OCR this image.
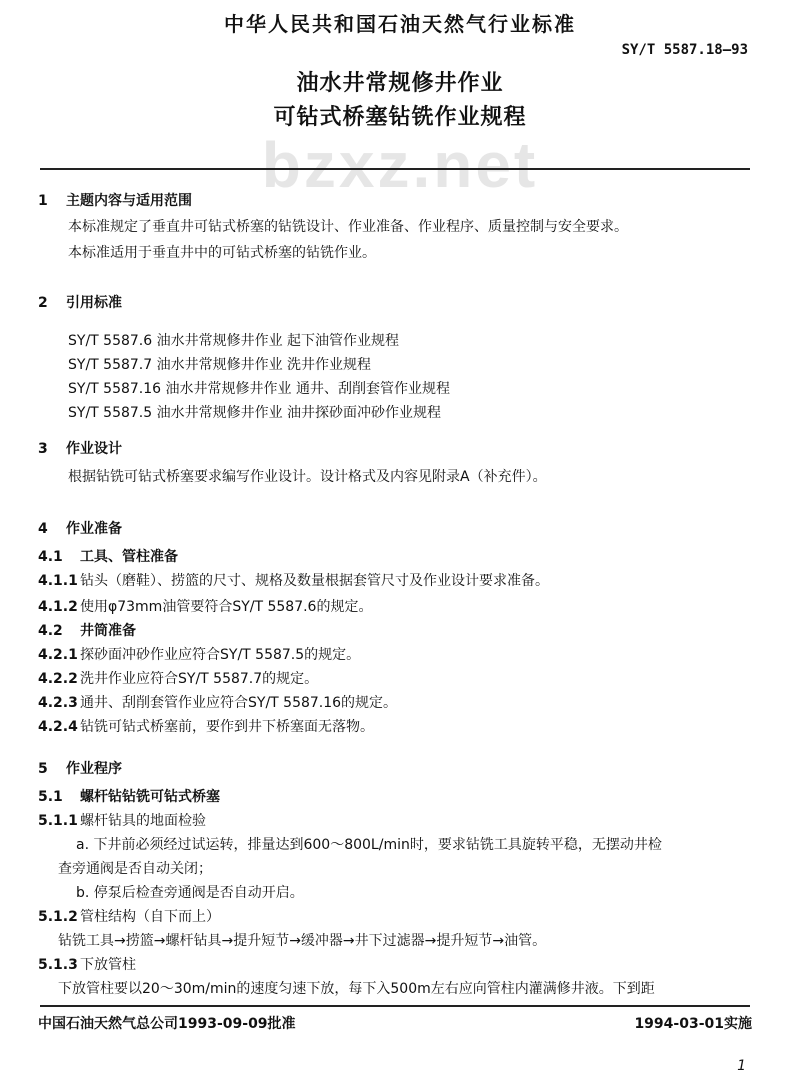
中华人民共和国石油天然气行业标准
SY/T 5587.18—93
油水井常规修井作业
可钻式桥塞钻铣作业规程
bzxz.net
1 主题内容与适用范围
本标准规定了垂直井可钻式桥塞的钻铣设计、作业准备、作业程序、质量控制与安全要求。
本标准适用于垂直井中的可钻式桥塞的钻铣作业。
2 引用标准
SY/T 5587.6 油水井常规修井作业 起下油管作业规程
SY/T 5587.7 油水井常规修井作业 洗井作业规程
SY/T 5587.16 油水井常规修井作业 通井、刮削套管作业规程
SY/T 5587.5 油水井常规修井作业 油井探砂面冲砂作业规程
3 作业设计
根据钻铣可钻式桥塞要求编写作业设计。设计格式及内容见附录A（补充件）。
4 作业准备
4.1 工具、管柱准备
4.1.1 钻头（磨鞋）、捞篮的尺寸、规格及数量根据套管尺寸及作业设计要求准备。
4.1.2 使用φ73mm油管要符合SY/T 5587.6的规定。
4.2 井筒准备
4.2.1 探砂面冲砂作业应符合SY/T 5587.5的规定。
4.2.2 洗井作业应符合SY/T 5587.7的规定。
4.2.3 通井、刮削套管作业应符合SY/T 5587.16的规定。
4.2.4 钻铣可钻式桥塞前，要作到井下桥塞面无落物。
5 作业程序
5.1 螺杆钻钻铣可钻式桥塞
5.1.1 螺杆钻具的地面检验
a. 下井前必须经过试运转，排量达到600～800L/min时，要求钻铣工具旋转平稳，无摆动井检
查旁通阀是否自动关闭；
b. 停泵后检查旁通阀是否自动开启。
5.1.2 管柱结构（自下而上）
钻铣工具→捞篮→螺杆钻具→提升短节→缓冲器→井下过滤器→提升短节→油管。
5.1.3 下放管柱
下放管柱要以20～30m/min的速度匀速下放，每下入500m左右应向管柱内灌满修井液。下到距
中国石油天然气总公司1993-09-09批准	1994-03-01实施
1
